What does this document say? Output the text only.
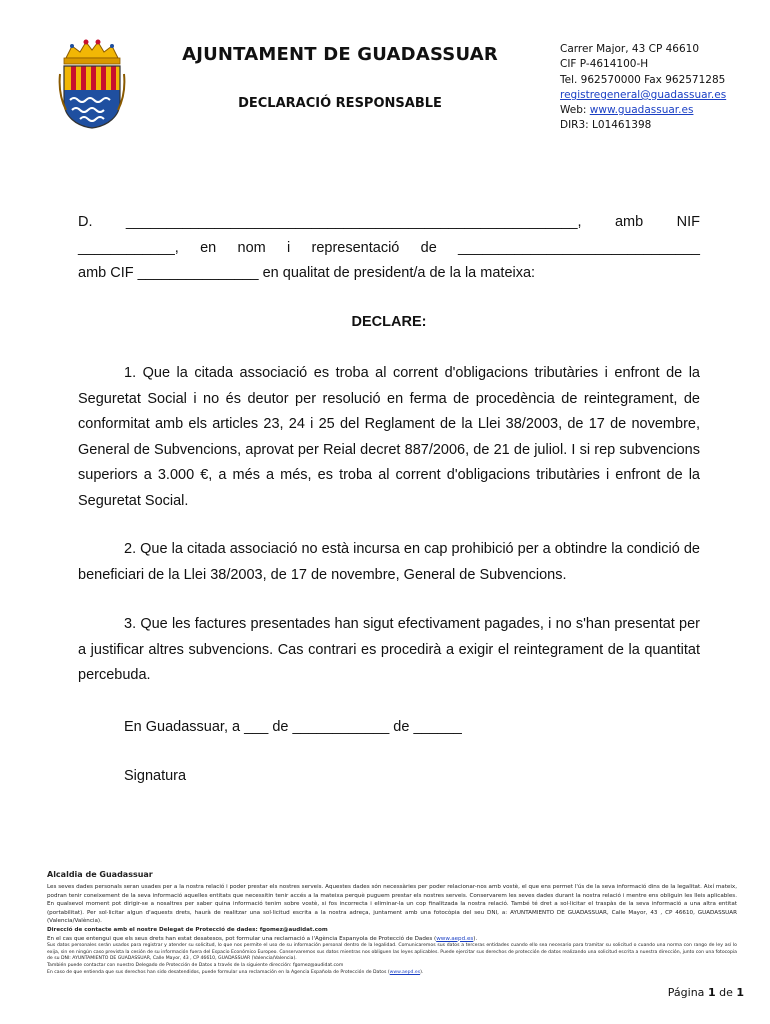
AJUNTAMENT DE GUADASSUAR
DECLARACIÓ RESPONSABLE
Carrer Major, 43 CP 46610
CIF P-4614100-H
Tel. 962570000 Fax 962571285
registregeneral@guadassuar.es
Web: www.guadassuar.es
DIR3: L01461398
D. ________________________________________________________, amb NIF
____________, en nom i representació de ______________________________
amb CIF _______________ en qualitat de president/a de la la mateixa:
DECLARE:
1. Que la citada associació es troba al corrent d'obligacions tributàries i enfront de la Seguretat Social i no és deutor per resolució en ferma de procedència de reintegrament, de conformitat amb els articles 23, 24 i 25 del Reglament de la Llei 38/2003, de 17 de novembre, General de Subvencions, aprovat per Reial decret 887/2006, de 21 de juliol. I si rep subvencions superiors a 3.000 €, a més a més, es troba al corrent d'obligacions tributàries i enfront de la Seguretat Social.
2. Que la citada associació no està incursa en cap prohibició per a obtindre la condició de beneficiari de la Llei 38/2003, de 17 de novembre, General de Subvencions.
3. Que les factures presentades han sigut efectivament pagades, i no s'han presentat per a justificar altres subvencions. Cas contrari es procedirà a exigir el reintegrament de la quantitat percebuda.
En Guadassuar, a ___ de ____________ de ______
Signatura
Alcaldia de Guadassuar
Les seves dades personals seran usades per a la nostra relació i poder prestar els nostres serveis. Aquestes dades són necessàries per poder relacionar-nos amb vostè, el que ens permet l'ús de la seva informació dins de la legalitat. Així mateix, podran tenir coneixement de la seva informació aquelles entitats que necessitin tenir accés a la mateixa perquè puguem prestar els nostres serveis. Conservarem les seves dades durant la nostra relació i mentre ens obliguin les lleis aplicables. En qualsevol moment pot dirigir-se a nosaltres per saber quina informació tenim sobre vostè, si fos incorrecta i eliminar-la un cop finalitzada la nostra relació. També té dret a sol·licitar el traspàs de la seva informació a una altra entitat (portabilitat). Per sol·licitar algun d'aquests drets, haurà de realitzar una sol·licitud escrita a la nostra adreça, juntament amb una fotocòpia del seu DNI, a: AYUNTAMIENTO DE GUADASSUAR, Calle Mayor, 43 , CP 46610, GUADASSUAR (Valencia/València).
Direcció de contacte amb el nostre Delegat de Protecció de dades: fgomez@audidat.com
En el cas que entengui que els seus drets han estat desatesos, pot formular una reclamació a l'Agència Espanyola de Protecció de Dades (www.aepd.es).
Sus datos personales serán usados para registrar y atender su solicitud, lo que nos permite el uso de su información personal dentro de la legalidad. Comunicaremos sus datos a terceras entidades cuando ello sea necesario para tramitar su solicitud o cuando una norma con rango de ley así lo exija, sin en ningún caso prevista la cesión de su información fuera del Espacio Económico Europeo. Conservaremos sus datos mientras nos obliguen las leyes aplicables. Puede ejercitar sus derechos de protección de datos realizando una solicitud escrita a nuestra dirección, junto con una fotocopia de su DNI: AYUNTAMIENTO DE GUADASSUAR, Calle Mayor, 43 , CP 46610, GUADASSUAR (Valencia/Valencia).
También puede contactar con nuestro Delegado de Protección de Datos a través de la siguiente dirección: fgomez@audidat.com
En caso de que entienda que sus derechos han sido desatendidos, puede formular una reclamación en la Agencia Española de Protección de Datos (www.aepd.es).
Página 1 de 1
